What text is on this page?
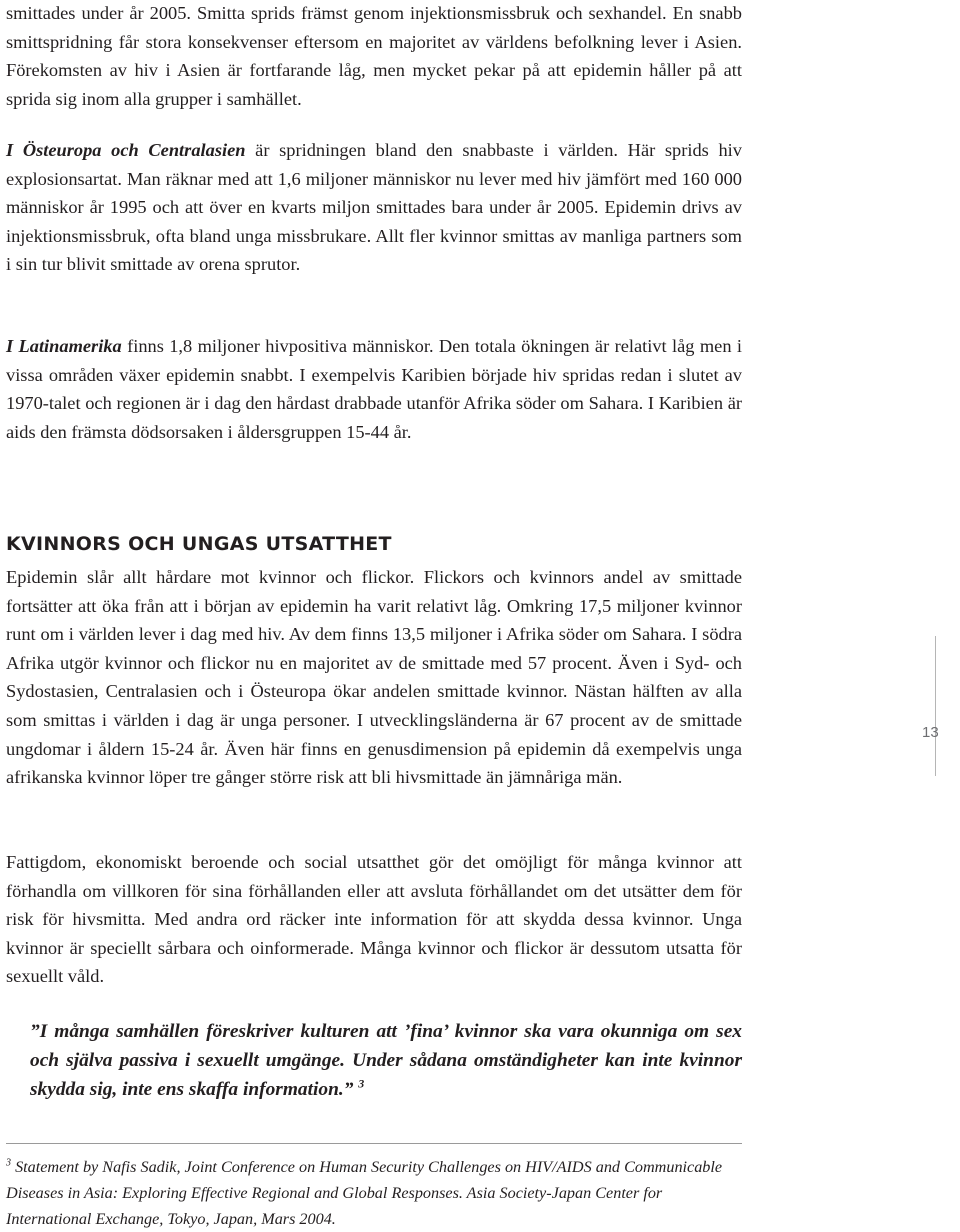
smittades under år 2005. Smitta sprids främst genom injektionsmissbruk och sexhandel. En snabb smittspridning får stora konsekvenser eftersom en majoritet av världens befolkning lever i Asien. Förekomsten av hiv i Asien är fortfarande låg, men mycket pekar på att epidemin håller på att sprida sig inom alla grupper i samhället.

I Östeuropa och Centralasien är spridningen bland den snabbaste i världen. Här sprids hiv explosionsartat. Man räknar med att 1,6 miljoner människor nu lever med hiv jämfört med 160 000 människor år 1995 och att över en kvarts miljon smittades bara under år 2005. Epidemin drivs av injektionsmissbruk, ofta bland unga missbrukare. Allt fler kvinnor smittas av manliga partners som i sin tur blivit smittade av orena sprutor.

I Latinamerika finns 1,8 miljoner hivpositiva människor. Den totala ökningen är relativt låg men i vissa områden växer epidemin snabbt. I exempelvis Karibien började hiv spridas redan i slutet av 1970-talet och regionen är i dag den hårdast drabbade utanför Afrika söder om Sahara. I Karibien är aids den främsta dödsorsaken i åldersgruppen 15-44 år.

KVINNORS OCH UNGAS UTSATTHET

Epidemin slår allt hårdare mot kvinnor och flickor. Flickors och kvinnors andel av smittade fortsätter att öka från att i början av epidemin ha varit relativt låg. Omkring 17,5 miljoner kvinnor runt om i världen lever i dag med hiv. Av dem finns 13,5 miljoner i Afrika söder om Sahara. I södra Afrika utgör kvinnor och flickor nu en majoritet av de smittade med 57 procent. Även i Syd- och Sydostasien, Centralasien och i Östeuropa ökar andelen smittade kvinnor. Nästan hälften av alla som smittas i världen i dag är unga personer. I utvecklingsländerna är 67 procent av de smittade ungdomar i åldern 15-24 år. Även här finns en genusdimension på epidemin då exempelvis unga afrikanska kvinnor löper tre gånger större risk att bli hivsmittade än jämnåriga män.

Fattigdom, ekonomiskt beroende och social utsatthet gör det omöjligt för många kvinnor att förhandla om villkoren för sina förhållanden eller att avsluta förhållandet om det utsätter dem för risk för hivsmitta. Med andra ord räcker inte information för att skydda dessa kvinnor. Unga kvinnor är speciellt sårbara och oinformerade. Många kvinnor och flickor är dessutom utsatta för sexuellt våld.

”I många samhällen föreskriver kulturen att ’fina’ kvinnor ska vara okunniga om sex och själva passiva i sexuellt umgänge. Under sådana omständigheter kan inte kvinnor skydda sig, inte ens skaffa information.” $^3$

$^3$ Statement by Nafis Sadik, Joint Conference on Human Security Challenges on HIV/AIDS and Communicable Diseases in Asia: Exploring Effective Regional and Global Responses. Asia Society-Japan Center for International Exchange, Tokyo, Japan, Mars 2004.

13
